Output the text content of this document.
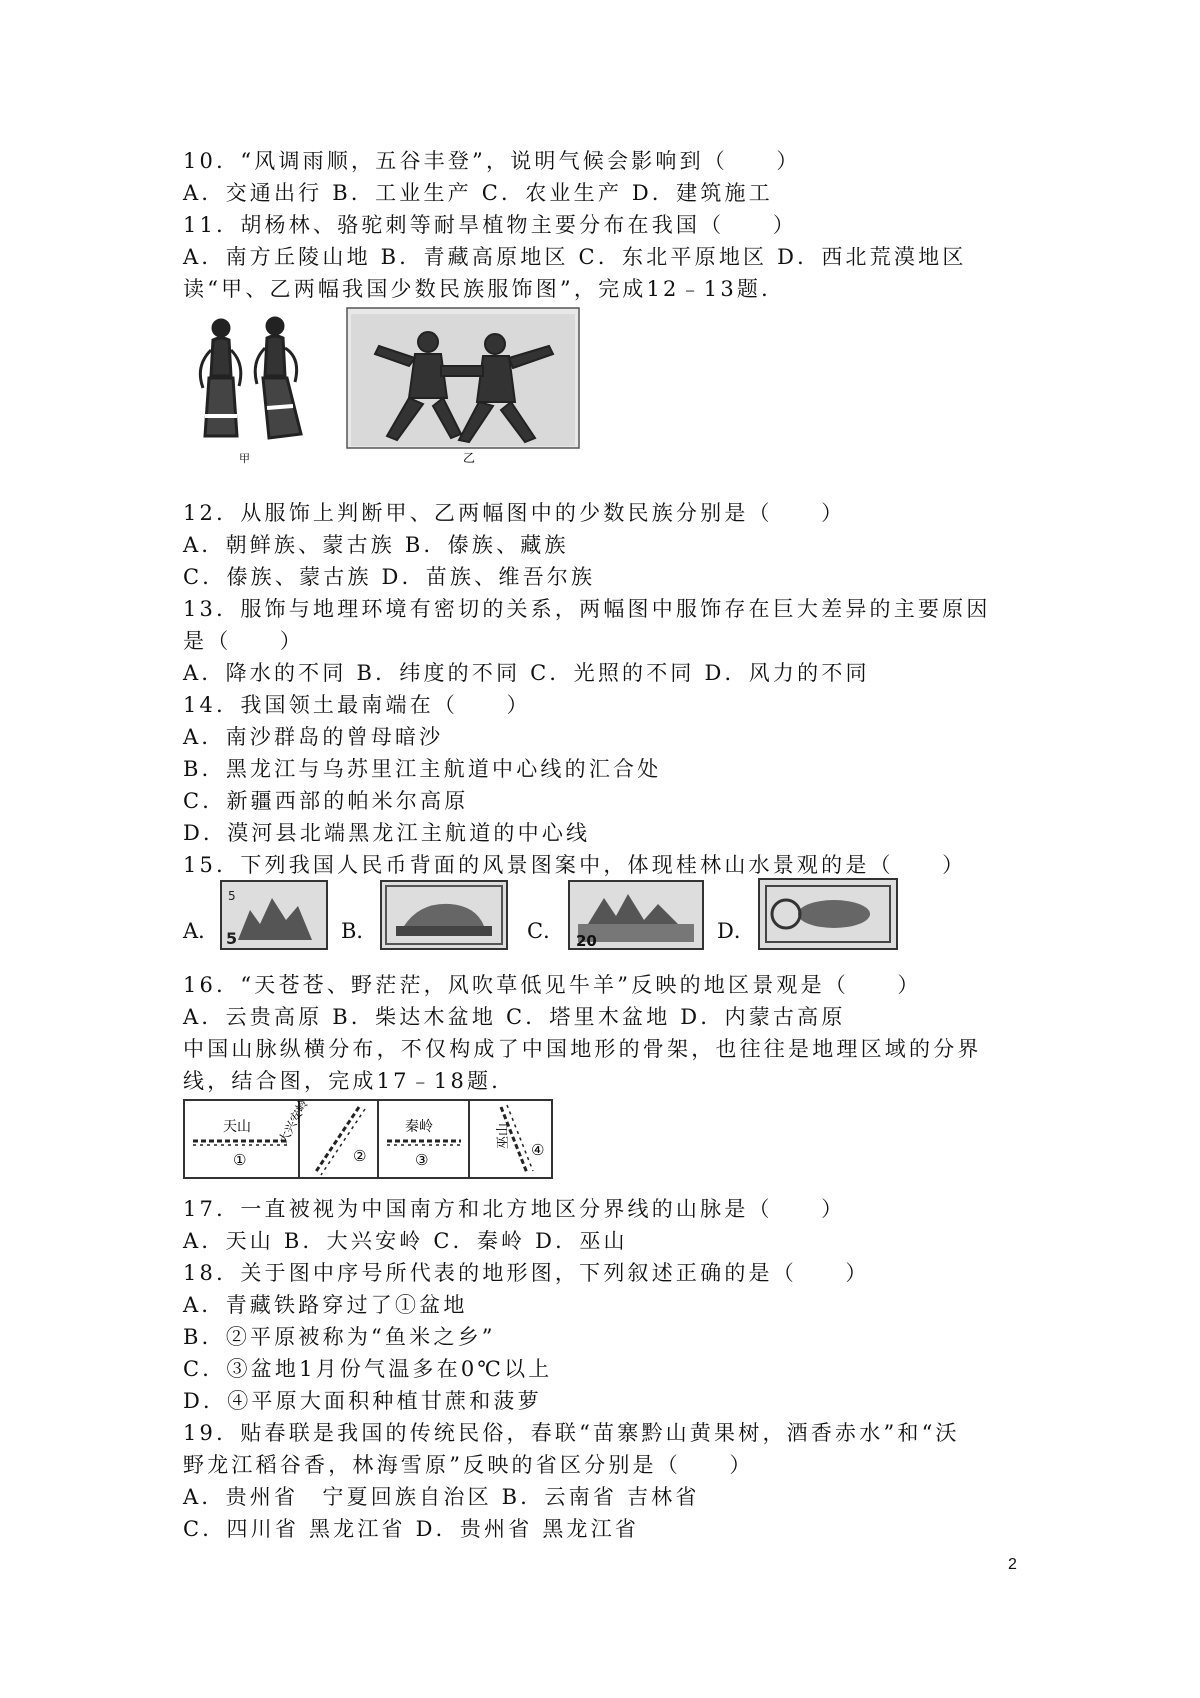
10．“风调雨顺，五谷丰登”，说明气候会影响到（　　）
A．交通出行 B．工业生产 C．农业生产 D．建筑施工
11．胡杨林、骆驼刺等耐旱植物主要分布在我国（　　）
A．南方丘陵山地 B．青藏高原地区 C．东北平原地区 D．西北荒漠地区
读“甲、乙两幅我国少数民族服饰图”，完成12﹣13题．
甲	乙
12．从服饰上判断甲、乙两幅图中的少数民族分别是（　　）
A．朝鲜族、蒙古族 B．傣族、藏族
C．傣族、蒙古族 D．苗族、维吾尔族
13．服饰与地理环境有密切的关系，两幅图中服饰存在巨大差异的主要原因
是（　　）
A．降水的不同 B．纬度的不同 C．光照的不同 D．风力的不同
14．我国领土最南端在（　　）
A．南沙群岛的曾母暗沙
B．黑龙江与乌苏里江主航道中心线的汇合处
C．新疆西部的帕米尔高原
D．漠河县北端黑龙江主航道的中心线
15．下列我国人民币背面的风景图案中，体现桂林山水景观的是（　　）
A．
5
5	B．	C． 20	D．
16．“天苍苍、野茫茫，风吹草低见牛羊”反映的地区景观是（　　）
A．云贵高原 B．柴达木盆地 C．塔里木盆地 D．内蒙古高原
中国山脉纵横分布，不仅构成了中国地形的骨架，也往往是地理区域的分界
线，结合图，完成17﹣18题．
天山
①
大兴安岭
②
秦岭
③
巫山
④
17．一直被视为中国南方和北方地区分界线的山脉是（　　）
A．天山 B．大兴安岭 C．秦岭 D．巫山
18．关于图中序号所代表的地形图，下列叙述正确的是（　　）
A．青藏铁路穿过了①盆地
B．②平原被称为“鱼米之乡”
C．③盆地1月份气温多在0℃以上
D．④平原大面积种植甘蔗和菠萝
19．贴春联是我国的传统民俗，春联“苗寨黔山黄果树，酒香赤水”和“沃
野龙江稻谷香，林海雪原”反映的省区分别是（　　）
A．贵州省　宁夏回族自治区 B．云南省 吉林省
C．四川省 黑龙江省 D．贵州省 黑龙江省
2
